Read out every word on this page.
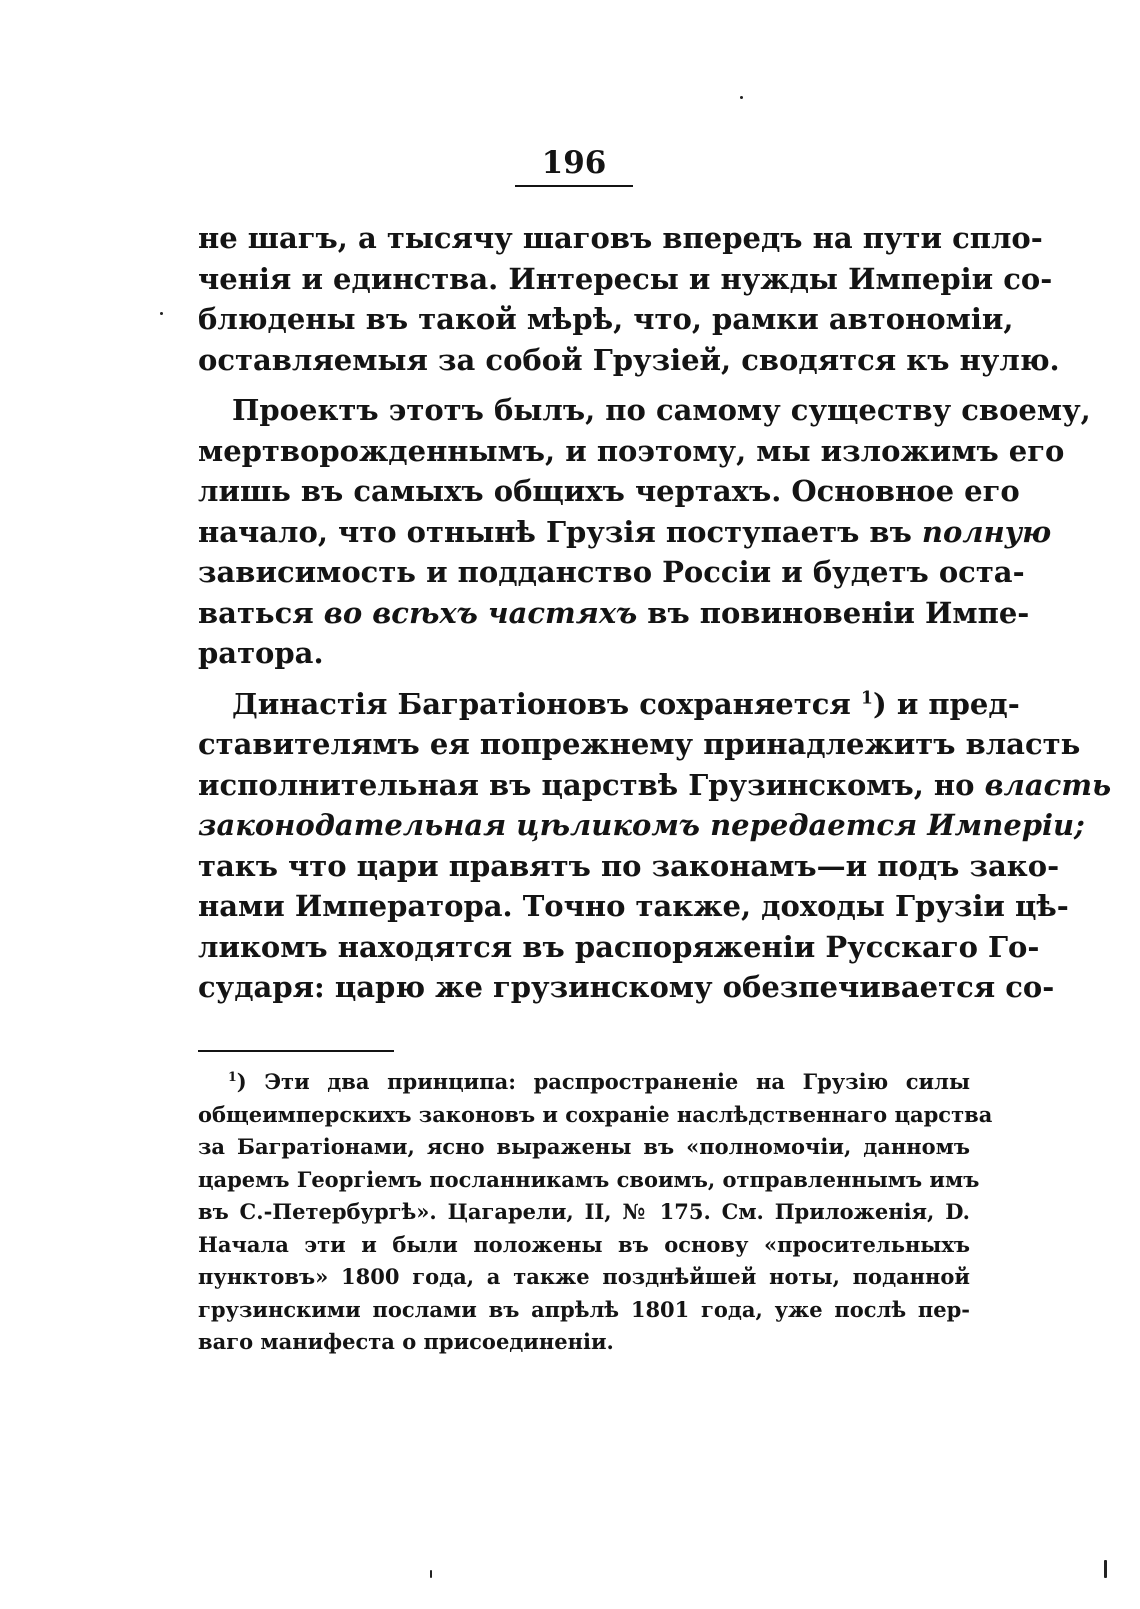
196

не шагъ, а тысячу шаговъ впередъ на пути спло-
ченія и единства. Интересы и нужды Имперіи со-
блюдены въ такой мѣрѣ, что, рамки автономіи,
оставляемыя за собой Грузіей, сводятся къ нулю.

Проектъ этотъ былъ, по самому существу своему,
мертворожденнымъ, и поэтому, мы изложимъ его
лишь въ самыхъ общихъ чертахъ. Основное его
начало, что отнынѣ Грузія поступаетъ въ полную
зависимость и подданство Россіи и будетъ оста-
ваться во всѣхъ частяхъ въ повиновеніи Импе-
ратора.

Династія Багратіоновъ сохраняется $^1$) и пред-
ставителямъ ея попрежнему принадлежитъ власть
исполнительная въ царствѣ Грузинскомъ, но власть
законодательная цѣликомъ передается Имперіи;
такъ что цари правятъ по законамъ—и подъ зако-
нами Императора. Точно также, доходы Грузіи цѣ-
ликомъ находятся въ распоряженіи Русскаго Го-
сударя: царю же грузинскому обезпечивается со-

$^1$) Эти два принципа: распространеніе на Грузію силы
общеимперскихъ законовъ и сохраніе наслѣдственнаго царства
за Багратіонами, ясно выражены въ «полномочіи, данномъ
царемъ Георгіемъ посланникамъ своимъ, отправленнымъ имъ
въ С.-Петербургѣ». Цагарели, II, № 175. См. Приложенія, D.
Начала эти и были положены въ основу «просительныхъ
пунктовъ» 1800 года, а также позднѣйшей ноты, поданной
грузинскими послами въ апрѣлѣ 1801 года, уже послѣ пер-
ваго манифеста о присоединеніи.
